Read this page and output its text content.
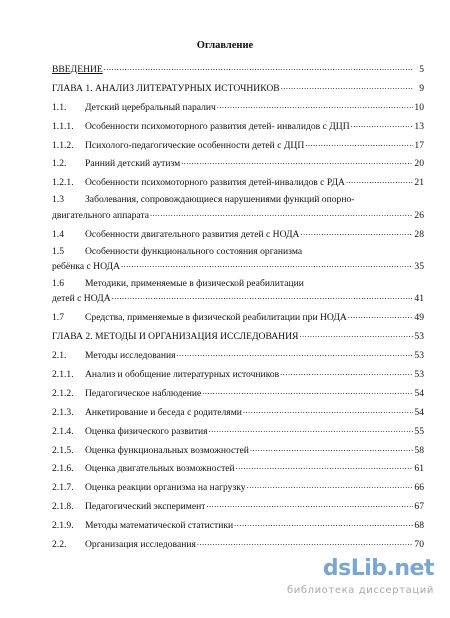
Оглавление
ВВЕДЕНИЕ .....	5
ГЛАВА 1. АНАЛИЗ ЛИТЕРАТУРНЫХ ИСТОЧНИКОВ .....	9
1.1.	Детский церебральный паралич .....	10
1.1.1.	Особенности психомоторного развития детей- инвалидов с ДЦП .....	13
1.1.2.	Психолого-педагогические особенности детей с ДЦП .....	17
1.2.	Ранний детский аутизм .....	20
1.2.1.	Особенности психомоторного развития детей-инвалидов с РДА .....	21
1.3	Заболевания, сопровождающиеся нарушениями функций опорно-
двигательного аппарата .....	26
1.4	Особенности двигательного развития детей с НОДА .....	28
1.5	Особенности функционального состояния организма
ребёнка с НОДА .....	35
1.6	Методики, применяемые в физической реабилитации
детей с НОДА .....	41
1.7	Средства, применяемые в физической реабилитации при НОДА .....	49
ГЛАВА 2. МЕТОДЫ И ОРГАНИЗАЦИЯ ИССЛЕДОВАНИЯ .....	53
2.1.	Методы исследования .....	53
2.1.1.	Анализ и обобщение литературных источников .....	53
2.1.2.	Педагогическое наблюдение .....	54
2.1.3.	Анкетирование и беседа с родителями .....	54
2.1.4.	Оценка физического развития .....	55
2.1.5.	Оценка функциональных возможностей .....	58
2.1.6.	Оценка двигательных возможностей .....	61
2.1.7.	Оценка реакции организма на нагрузку .....	66
2.1.8.	Педагогический эксперимент .....	67
2.1.9.	Методы математической статистики .....	68
2.2.	Организация исследования .....	70
dsLib.net
библиотека диссертаций
